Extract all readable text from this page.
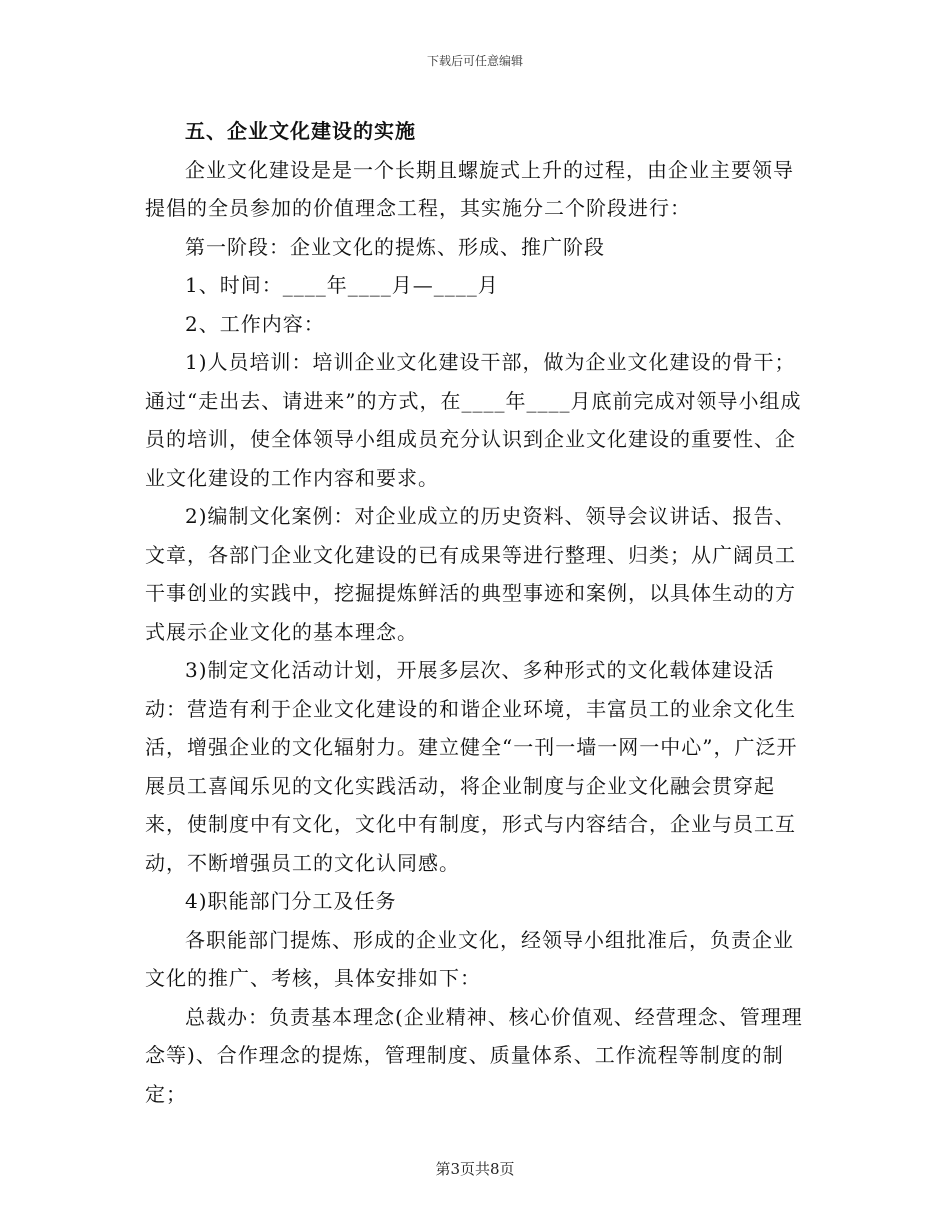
下载后可任意编辑
五、企业文化建设的实施

企业文化建设是是一个长期且螺旋式上升的过程，由企业主要领导提倡的全员参加的价值理念工程，其实施分二个阶段进行：

第一阶段：企业文化的提炼、形成、推广阶段

1、时间：____年____月—____月

2、工作内容：

1)人员培训：培训企业文化建设干部，做为企业文化建设的骨干；通过“走出去、请进来”的方式，在____年____月底前完成对领导小组成员的培训，使全体领导小组成员充分认识到企业文化建设的重要性、企业文化建设的工作内容和要求。

2)编制文化案例：对企业成立的历史资料、领导会议讲话、报告、文章，各部门企业文化建设的已有成果等进行整理、归类；从广阔员工干事创业的实践中，挖掘提炼鲜活的典型事迹和案例，以具体生动的方式展示企业文化的基本理念。

3)制定文化活动计划，开展多层次、多种形式的文化载体建设活动：营造有利于企业文化建设的和谐企业环境，丰富员工的业余文化生活，增强企业的文化辐射力。建立健全“一刊一墙一网一中心”，广泛开展员工喜闻乐见的文化实践活动，将企业制度与企业文化融会贯穿起来，使制度中有文化，文化中有制度，形式与内容结合，企业与员工互动，不断增强员工的文化认同感。

4)职能部门分工及任务

各职能部门提炼、形成的企业文化，经领导小组批准后，负责企业文化的推广、考核，具体安排如下：

总裁办：负责基本理念(企业精神、核心价值观、经营理念、管理理念等)、合作理念的提炼，管理制度、质量体系、工作流程等制度的制定；

第3页共8页
